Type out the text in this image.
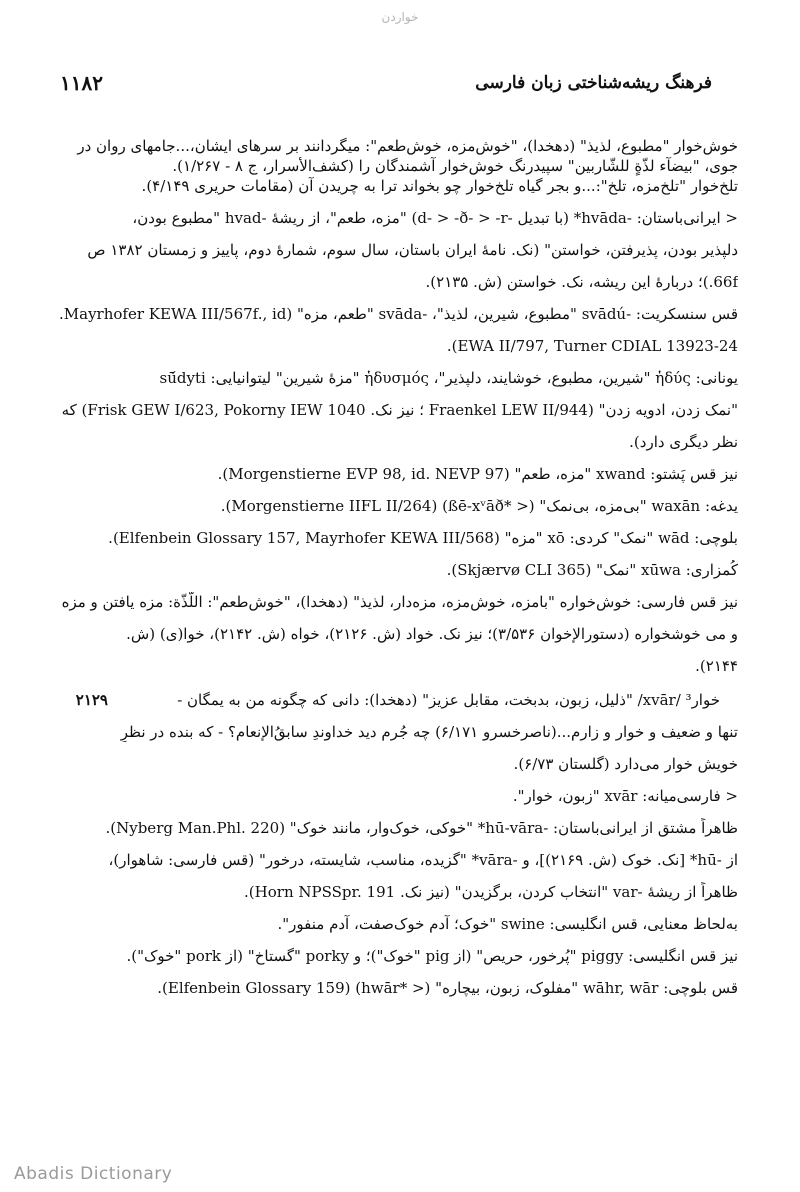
خواردن
۱۱۸۲	فرهنگ ریشه‌شناختی زبان فارسی
خوش‌خوار "مطبوع، لذیذ" (دهخدا)، "خوش‌مزه، خوش‌طعم": میگردانند بر سرهای ایشان،...جامهای روان در
جوی، "بیضآء لذّةٍ للشّاربین" سپیدرنگ خوش‌خوار آشمندگان را (کشف‌الأسرار، ج ۸ - ۱/۲۶۷).
تلخ‌خوار "تلخ‌مزه، تلخ":...و بجر گیاه تلخ‌خوار چو بخواند ترا به چریدن آن (مقامات حریری ۴/۱۴۹).
< ایرانی‌باستان: -hvāda* (با تبدیل -d- > -ð- > -r) "مزه، طعم"، از ریشهٔ -hvad "مطبوع بودن،
دلپذیر بودن، پذیرفتن، خواستن" (نک. نامهٔ ایران باستان، سال سوم، شمارهٔ دوم، پاییز و زمستان ۱۳۸۲ ص
66f.)؛ دربارهٔ این ریشه، نک. خواستن (ش. ۲۱۳۵).
قس سنسکریت: -svādú "مطبوع، شیرین، لذیذ"، -svāda "طعم، مزه" (Mayrhofer KEWA III/567f., id.
EWA II/797, Turner CDIAL 13923-24).
یونانی: ἡδύς "شیرین، مطبوع، خوشایند، دلپذیر"، ἡδυσμός "مزهٔ شیرین" لیتوانیایی: sū́dyti
"نمک زدن، ادویه زدن" (Fraenkel LEW II/944 ؛ نیز نک. Frisk GEW I/623, Pokorny IEW 1040) که
نظر دیگری دارد).
نیز قس پَشتو: xwand "مزه، طعم" (Morgenstierne EVP 98, id. NEVP 97).
یدغه: waxān "بی‌مزه، بی‌نمک" (< *ßē-xᵛāð) (Morgenstierne IIFL II/264).
بلوچی: wād "نمک" کردی: xō "مزه" (Elfenbein Glossary 157, Mayrhofer KEWA III/568).
کُمزاری: xūwa "نمک" (Skjærvø CLI 365).
نیز قس فارسی: خوش‌خواره "بامزه، خوش‌مزه، مزه‌دار، لذیذ" (دهخدا)، "خوش‌طعم": اللّذّة: مزه یافتن و مزه
و می خوشخواره (دستورالإخوان ۳/۵۳۶)؛ نیز نک. خواد (ش. ۲۱۲۶)، خواه (ش. ۲۱۴۲)، خوا(ی) (ش.
۲۱۴۴).
خوار³ /xvār/ "ذلیل، زبون، بدبخت، مقابل عزیز" (دهخدا): دانی که چگونه من به یمگان -
۲۱۲۹
تنها و ضعیف و خوار و زارم...(ناصرخسرو ۶/۱۷۱) چه جُرم دید خداوندِ سابقُ‌الإنعام؟ - که بنده در نظرِ
خویش خوار می‌دارد (گلستان ۶/۷۳).
< فارسی‌میانه: xvār "زبون، خوار".
ظاهراً مشتق از ایرانی‌باستان: -hū-vāra* "خوکی، خوک‌وار، مانند خوک" (Nyberg Man.Phl. 220).
از -hū* [نک. خوک (ش. ۲۱۶۹)]، و -vāra* "گزیده، مناسب، شایسته، درخور" (قس فارسی: شاهوار)،
ظاهراً از ریشهٔ -var "انتخاب کردن، برگزیدن" (نیز نک. Horn NPSSpr. 191).
به‌لحاظ معنایی، قس انگلیسی: swine "خوک؛ آدم خوک‌صفت، آدم منفور".
نیز قس انگلیسی: piggy "پُرخور، حریص" (از pig "خوک")؛ و porky "گستاخ" (از pork "خوک").
قس بلوچی: wāhr, wār "مفلوک، زبون، بیچاره" (< *hwār) (Elfenbein Glossary 159).
Abadis Dictionary
